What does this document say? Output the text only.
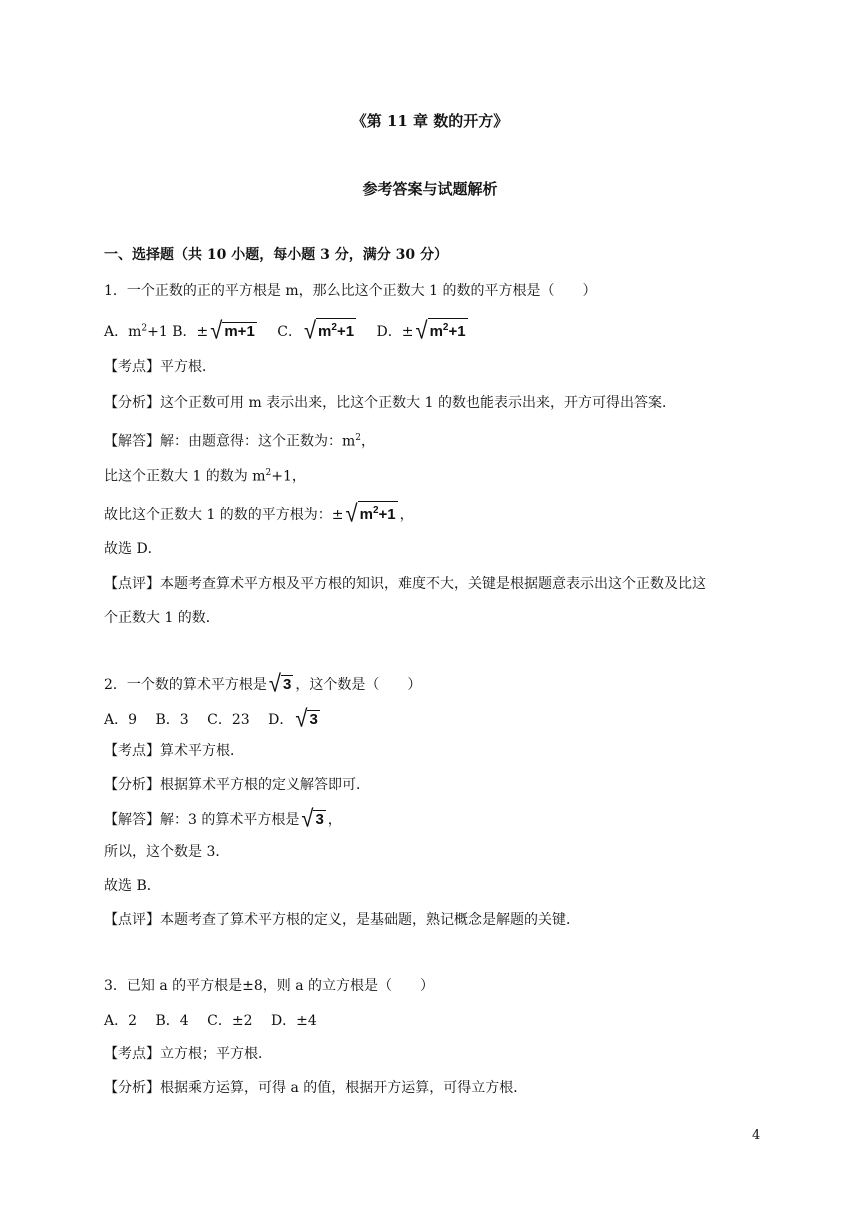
《第 11 章 数的开方》
参考答案与试题解析
一、选择题（共 10 小题，每小题 3 分，满分 30 分）
1．一个正数的正的平方根是 m，那么比这个正数大 1 的数的平方根是（　　）
A．$m^2+1$ B．± √ m+1 C． √ $m^2+1$ D．± √ $m^2+1$
【考点】平方根．
【分析】这个正数可用 m 表示出来，比这个正数大 1 的数也能表示出来，开方可得出答案．
【解答】解：由题意得：这个正数为：$m^2$，
比这个正数大 1 的数为 $m^2+1$，
故比这个正数大 1 的数的平方根为：± √ $m^2+1$ ，
故选 D．
【点评】本题考查算术平方根及平方根的知识，难度不大，关键是根据题意表示出这个正数及比这
个正数大 1 的数．
2．一个数的算术平方根是 √ 3 ，这个数是（　　）
A．9 B．3 C．23 D． √ 3
【考点】算术平方根．
【分析】根据算术平方根的定义解答即可．
【解答】解：3 的算术平方根是 √ 3 ，
所以，这个数是 3．
故选 B．
【点评】本题考查了算术平方根的定义，是基础题，熟记概念是解题的关键．
3．已知 a 的平方根是±8，则 a 的立方根是（　　）
A．2 B．4 C．±2 D．±4
【考点】立方根；平方根．
【分析】根据乘方运算，可得 a 的值，根据开方运算，可得立方根．
4
